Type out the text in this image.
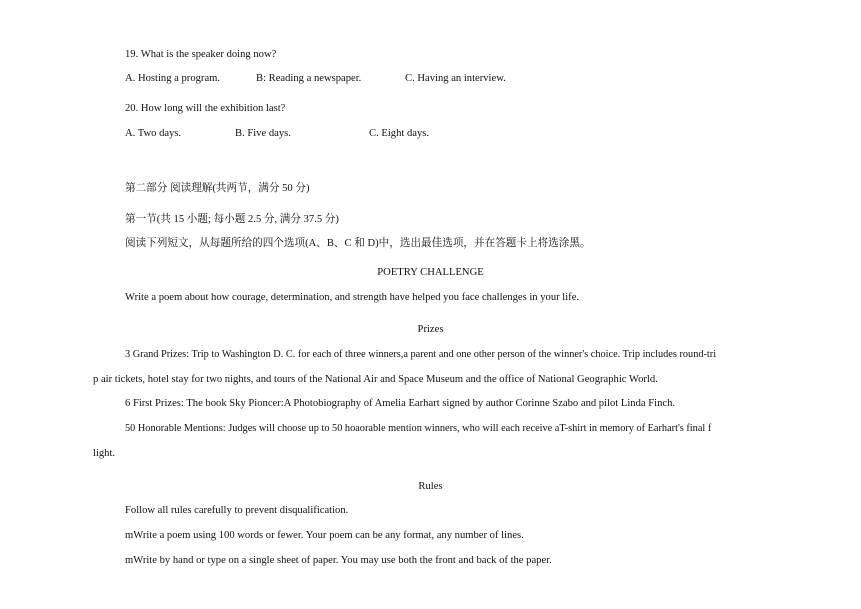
19. What is the speaker doing now?
A. Hosting a program.	B: Reading a newspaper.	C. Having an interview.
20. How long will the exhibition last?
A. Two days.	B. Five days.	C. Eight days.
第二部分 阅读理解(共两节，满分 50 分)
第一节(共 15 小题; 每小题 2.5 分, 满分 37.5 分)
阅读下列短文，从每题所给的四个选项(A、B、C 和 D)中，选出最佳选项，并在答题卡上将选涂黑。
POETRY CHALLENGE
Write a poem about how courage, determination, and strength have helped you face challenges in your life.
Prizes
3 Grand Prizes: Trip to Washington D. C. for each of three winners,a parent and one other person of the winner's choice. Trip includes round-tri
p air tickets, hotel stay for two nights, and tours of the National Air and Space Museum and the office of National Geographic World.
6 First Prizes: The book Sky Pioncer:A Photobiography of Amelia Earhart signed by author Corinne Szabo and pilot Linda Finch.
50 Honorable Mentions: Judges will choose up to 50 hoaorable mention winners, who will each receive aT-shirt in memory of Earhart's final f
light.
Rules
Follow all rules carefully to prevent disqualification.
mWrite a poem using 100 words or fewer. Your poem can be any format, any number of lines.
mWrite by hand or type on a single sheet of paper. You may use both the front and back of the paper.
